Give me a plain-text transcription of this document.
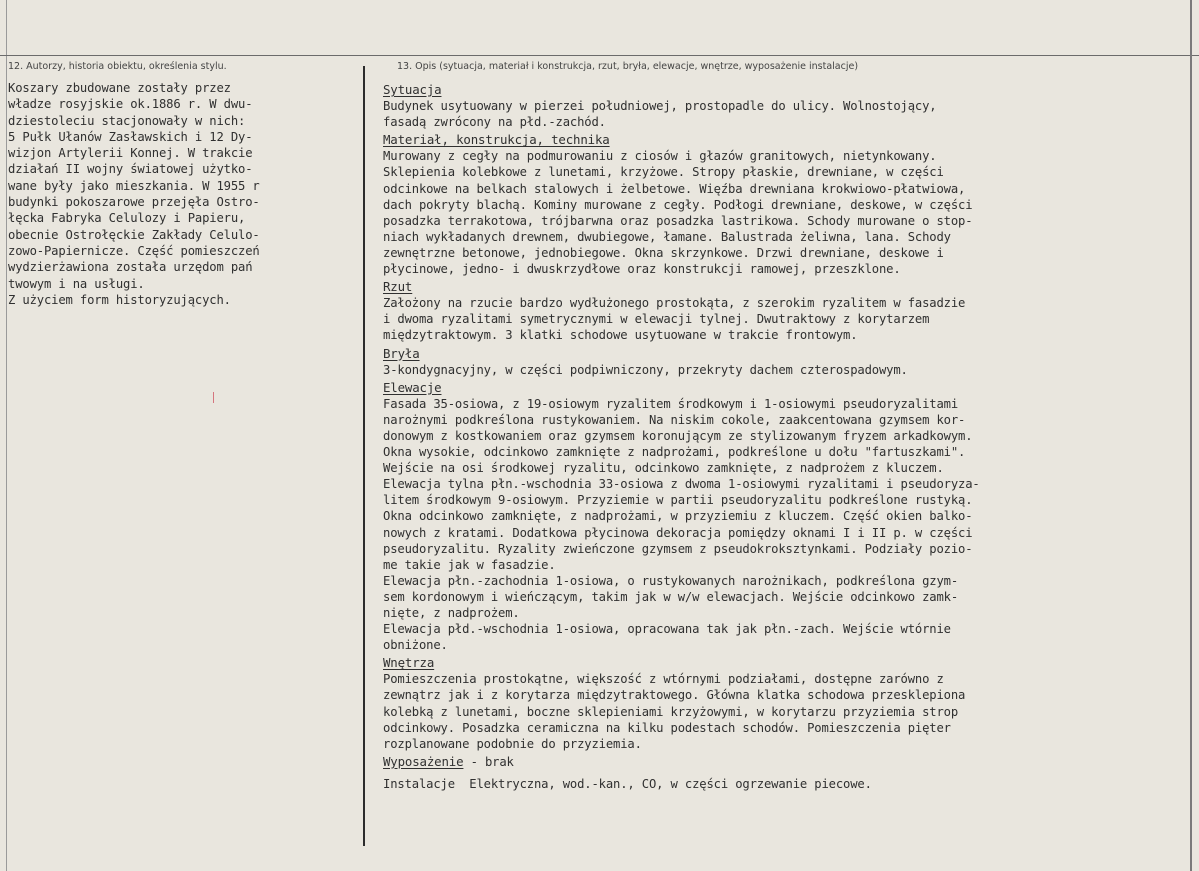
12. Autorzy, historia obiektu, określenia stylu.	13. Opis (sytuacja, materiał i konstrukcja, rzut, bryła, elewacje, wnętrze, wyposażenie instalacje)
Koszary zbudowane zostały przez
władze rosyjskie ok.1886 r. W dwu-
dziestoleciu stacjonowały w nich:
5 Pułk Ułanów Zasławskich i 12 Dy-
wizjon Artylerii Konnej. W trakcie
działań II wojny światowej użytko-
wane były jako mieszkania. W 1955 r
budynki pokoszarowe przejęła Ostro-
łęcka Fabryka Celulozy i Papieru,
obecnie Ostrołęckie Zakłady Celulo-
zowo-Papiernicze. Część pomieszczeń
wydzierżawiona została urzędom pań
twowym i na usługi.
Z użyciem form historyzujących.
Sytuacja
Budynek usytuowany w pierzei południowej, prostopadle do ulicy. Wolnostojący,
fasadą zwrócony na płd.-zachód.
Materiał, konstrukcja, technika
Murowany z cegły na podmurowaniu z ciosów i głazów granitowych, nietynkowany.
Sklepienia kolebkowe z lunetami, krzyżowe. Stropy płaskie, drewniane, w części
odcinkowe na belkach stalowych i żelbetowe. Więźba drewniana krokwiowo-płatwiowa,
dach pokryty blachą. Kominy murowane z cegły. Podłogi drewniane, deskowe, w części
posadzka terrakotowa, trójbarwna oraz posadzka lastrikowa. Schody murowane o stop-
niach wykładanych drewnem, dwubiegowe, łamane. Balustrada żeliwna, lana. Schody
zewnętrzne betonowe, jednobiegowe. Okna skrzynkowe. Drzwi drewniane, deskowe i
płycinowe, jedno- i dwuskrzydłowe oraz konstrukcji ramowej, przeszklone.
Rzut
Założony na rzucie bardzo wydłużonego prostokąta, z szerokim ryzalitem w fasadzie
i dwoma ryzalitami symetrycznymi w elewacji tylnej. Dwutraktowy z korytarzem
międzytraktowym. 3 klatki schodowe usytuowane w trakcie frontowym.
Bryła
3-kondygnacyjny, w części podpiwniczony, przekryty dachem czterospadowym.
Elewacje
Fasada 35-osiowa, z 19-osiowym ryzalitem środkowym i 1-osiowymi pseudoryzalitami
narożnymi podkreślona rustykowaniem. Na niskim cokole, zaakcentowana gzymsem kor-
donowym z kostkowaniem oraz gzymsem koronującym ze stylizowanym fryzem arkadkowym.
Okna wysokie, odcinkowo zamknięte z nadprożami, podkreślone u dołu "fartuszkami".
Wejście na osi środkowej ryzalitu, odcinkowo zamknięte, z nadprożem z kluczem.
Elewacja tylna płn.-wschodnia 33-osiowa z dwoma 1-osiowymi ryzalitami i pseudoryza-
litem środkowym 9-osiowym. Przyziemie w partii pseudoryzalitu podkreślone rustyką.
Okna odcinkowo zamknięte, z nadprożami, w przyziemiu z kluczem. Część okien balko-
nowych z kratami. Dodatkowa płycinowa dekoracja pomiędzy oknami I i II p. w części
pseudoryzalitu. Ryzality zwieńczone gzymsem z pseudokroksztynkami. Podziały pozio-
me takie jak w fasadzie.
Elewacja płn.-zachodnia 1-osiowa, o rustykowanych narożnikach, podkreślona gzym-
sem kordonowym i wieńczącym, takim jak w w/w elewacjach. Wejście odcinkowo zamk-
nięte, z nadprożem.
Elewacja płd.-wschodnia 1-osiowa, opracowana tak jak płn.-zach. Wejście wtórnie
obniżone.
Wnętrza
Pomieszczenia prostokątne, większość z wtórnymi podziałami, dostępne zarówno z
zewnątrz jak i z korytarza międzytraktowego. Główna klatka schodowa przesklepiona
kolebką z lunetami, boczne sklepieniami krzyżowymi, w korytarzu przyziemia strop
odcinkowy. Posadzka ceramiczna na kilku podestach schodów. Pomieszczenia pięter
rozplanowane podobnie do przyziemia.
Wyposażenie - brak
Instalacje  Elektryczna, wod.-kan., CO, w części ogrzewanie piecowe.
